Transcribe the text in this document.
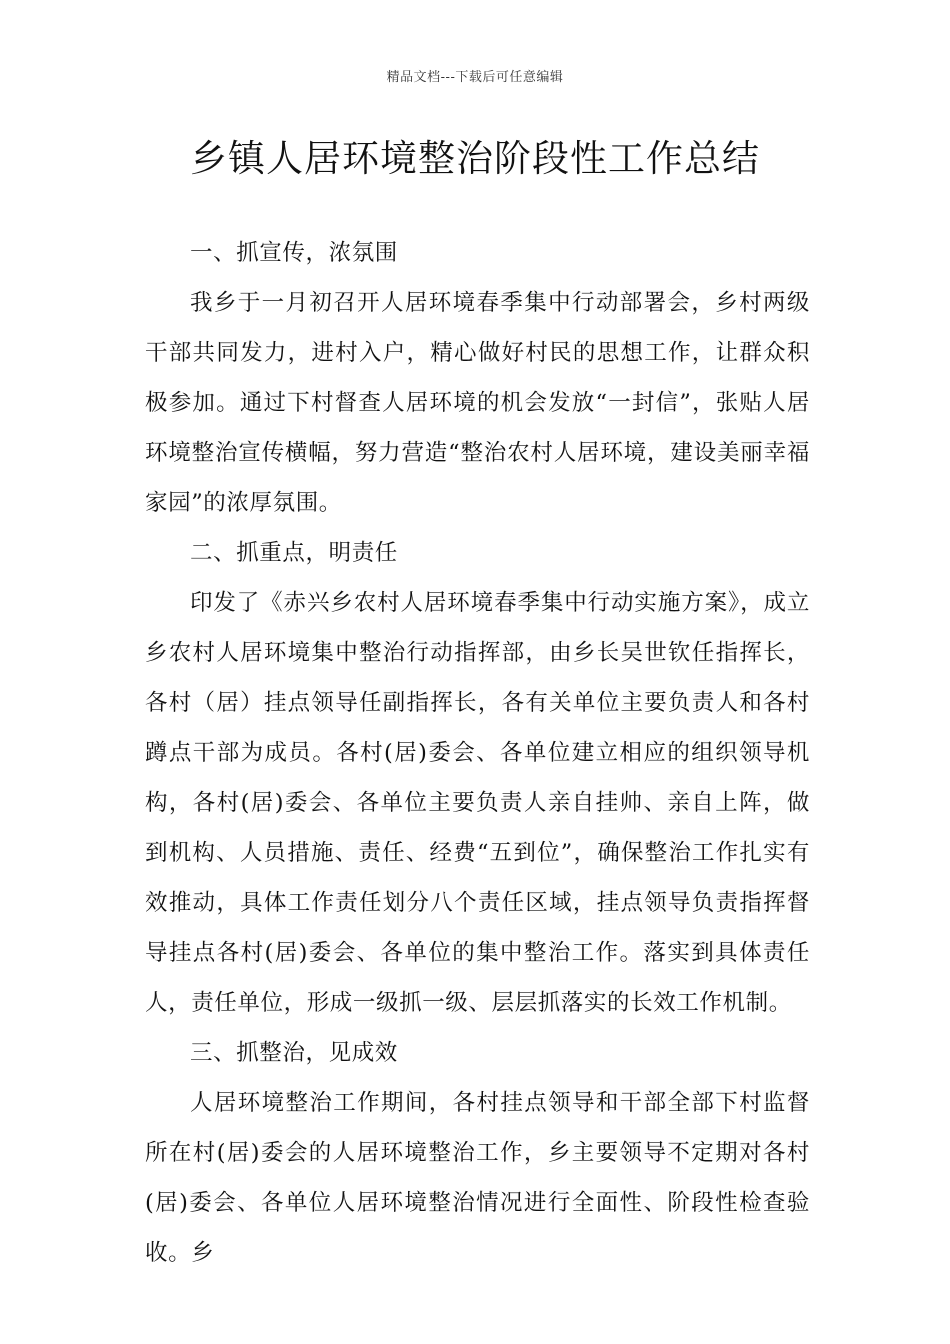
精品文档---下载后可任意编辑
乡镇人居环境整治阶段性工作总结
一、抓宣传，浓氛围

我乡于一月初召开人居环境春季集中行动部署会，乡村两级干部共同发力，进村入户，精心做好村民的思想工作，让群众积极参加。通过下村督查人居环境的机会发放“一封信”，张贴人居环境整治宣传横幅，努力营造“整治农村人居环境，建设美丽幸福家园”的浓厚氛围。

二、抓重点，明责任

印发了《赤兴乡农村人居环境春季集中行动实施方案》，成立乡农村人居环境集中整治行动指挥部，由乡长吴世钦任指挥长，各村（居）挂点领导任副指挥长，各有关单位主要负责人和各村蹲点干部为成员。各村(居)委会、各单位建立相应的组织领导机构，各村(居)委会、各单位主要负责人亲自挂帅、亲自上阵，做到机构、人员措施、责任、经费“五到位”，确保整治工作扎实有效推动，具体工作责任划分八个责任区域，挂点领导负责指挥督导挂点各村(居)委会、各单位的集中整治工作。落实到具体责任人，责任单位，形成一级抓一级、层层抓落实的长效工作机制。

三、抓整治，见成效

人居环境整治工作期间，各村挂点领导和干部全部下村监督所在村(居)委会的人居环境整治工作，乡主要领导不定期对各村(居)委会、各单位人居环境整治情况进行全面性、阶段性检查验收。乡
